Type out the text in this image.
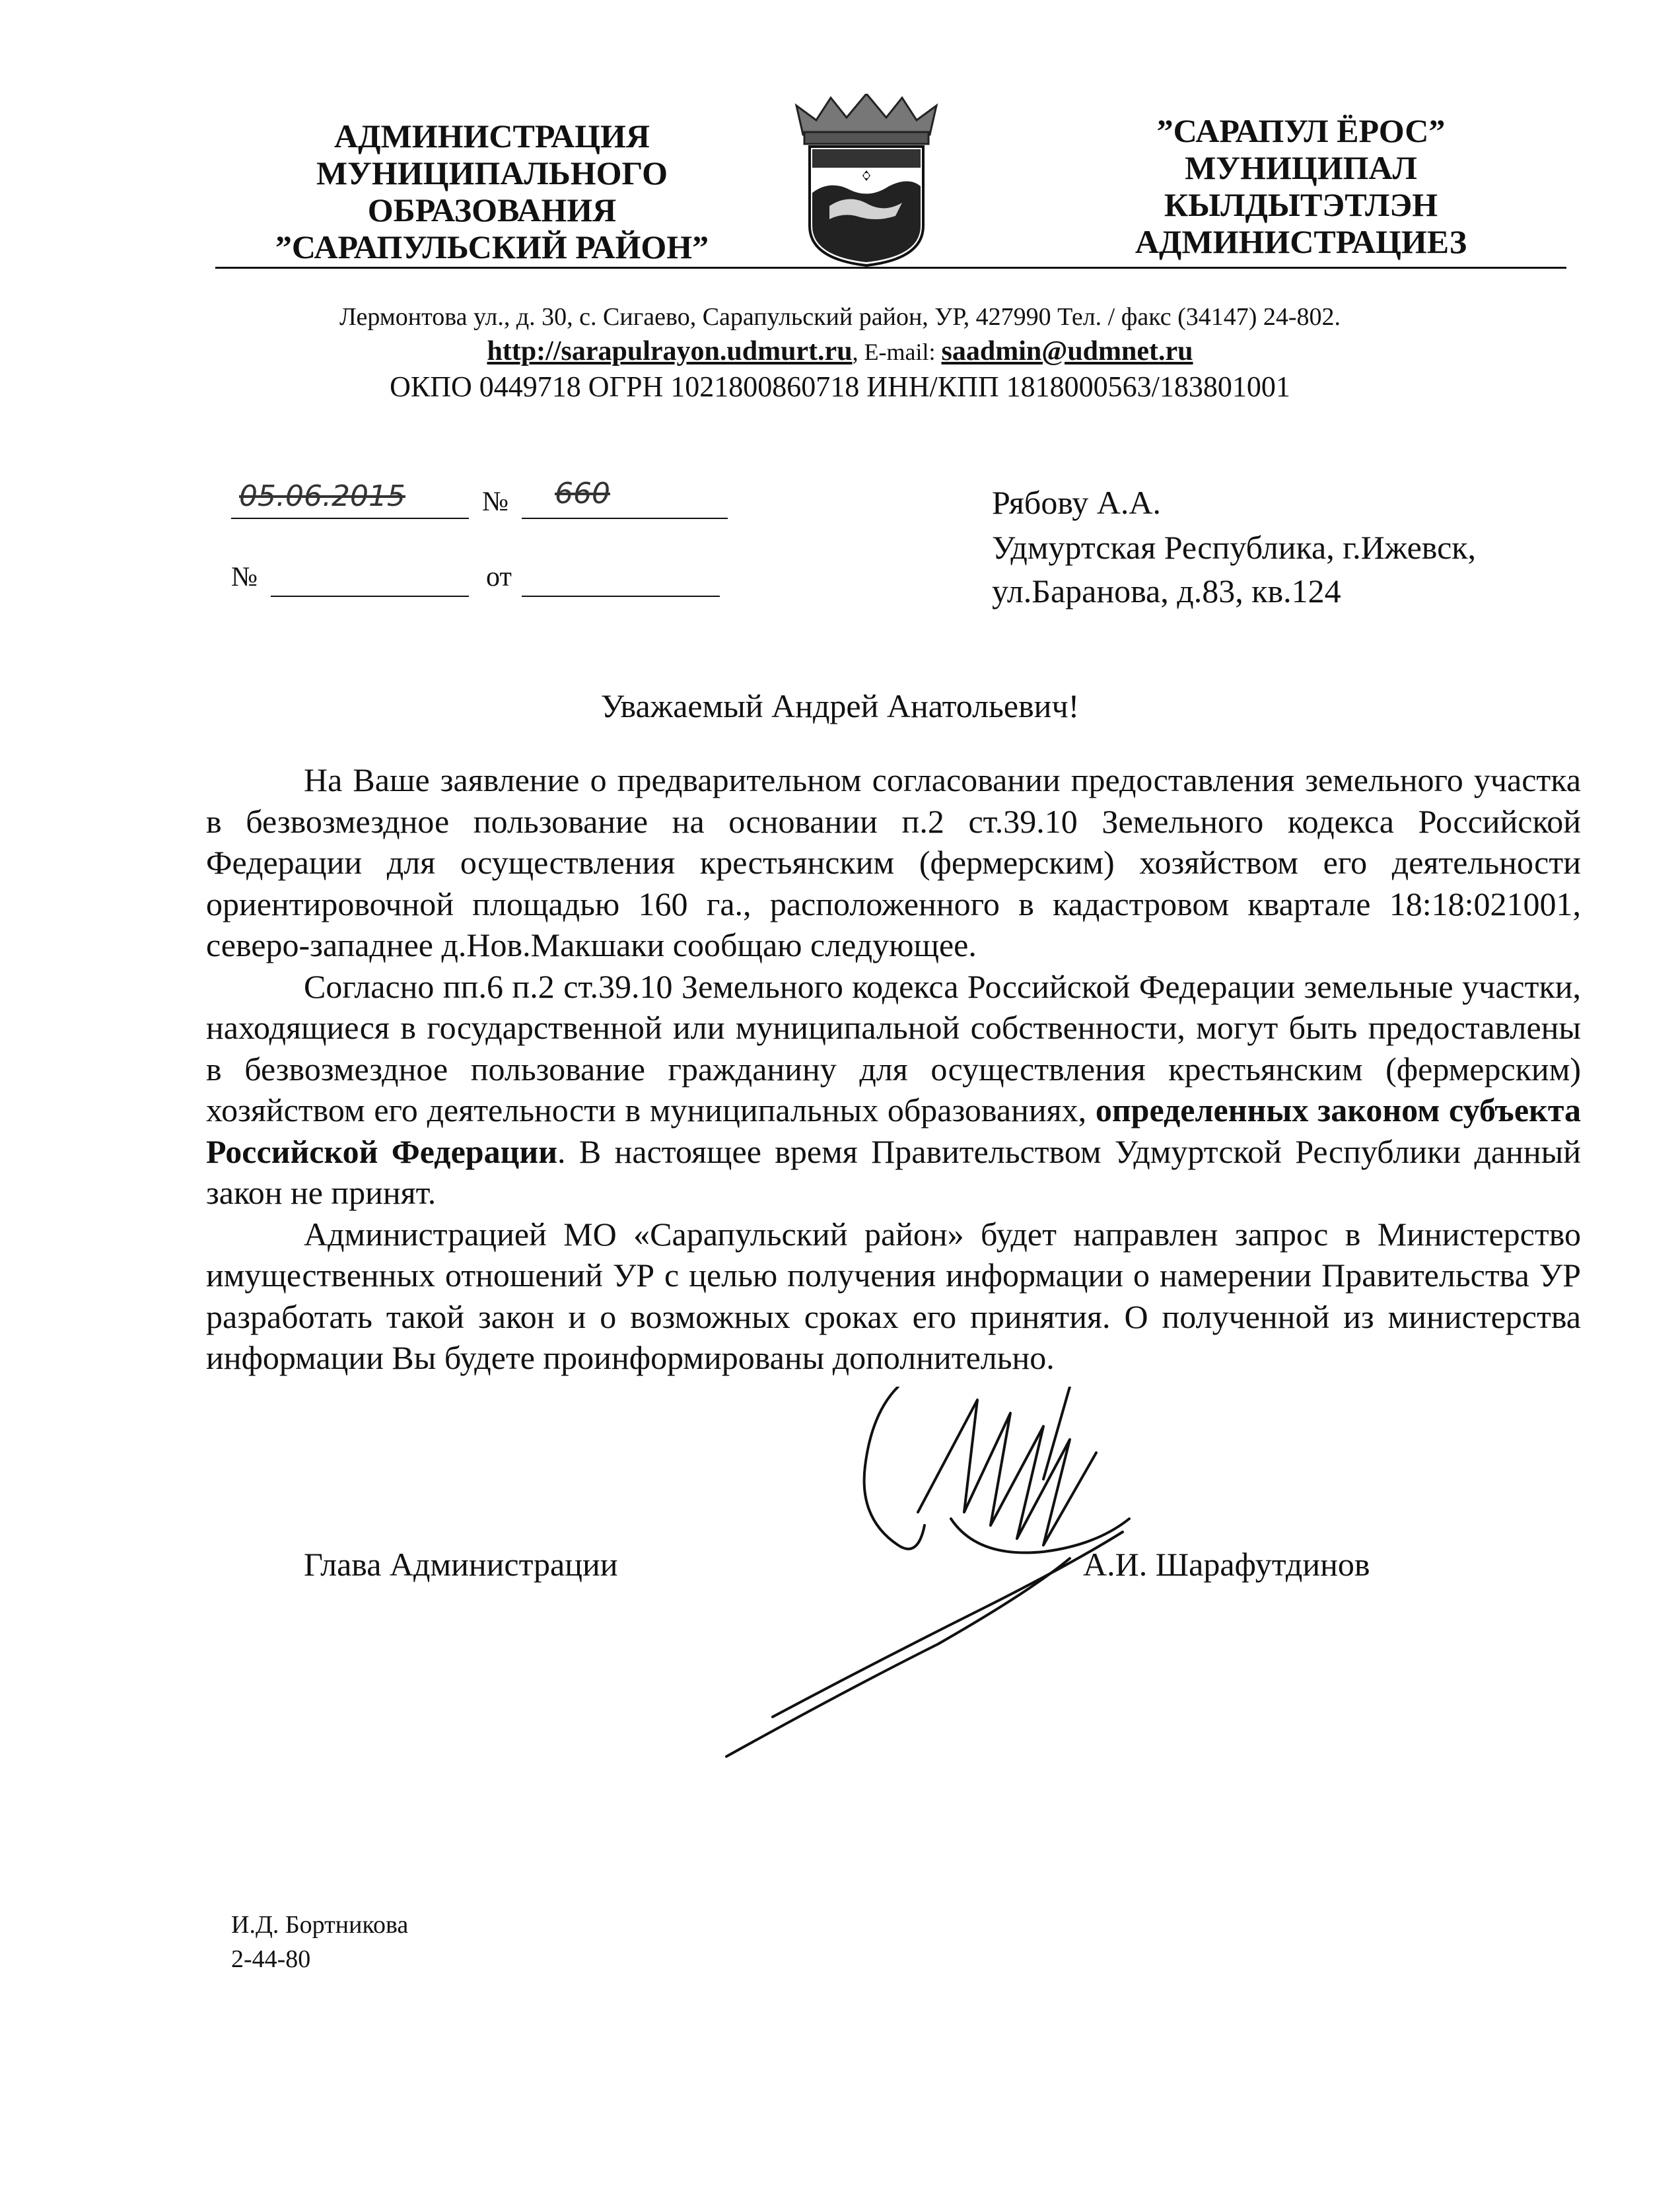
АДМИНИСТРАЦИЯ
МУНИЦИПАЛЬНОГО
ОБРАЗОВАНИЯ
”САРАПУЛЬСКИЙ РАЙОН”
”САРАПУЛ ЁРОС”
МУНИЦИПАЛ
КЫЛДЫТЭТЛЭН
АДМИНИСТРАЦИЕЗ
Лермонтова ул., д. 30, с. Сигаево, Сарапульский район, УР, 427990 Тел. / факс (34147) 24-802.
http://sarapulrayon.udmurt.ru, E-mail: saadmin@udmnet.ru
ОКПО 0449718 ОГРН 1021800860718 ИНН/КПП 1818000563/183801001
05.06.2015	№ 660
№	от
Рябову А.А.
Удмуртская Республика, г.Ижевск,
ул.Баранова, д.83, кв.124
Уважаемый Андрей Анатольевич!

На Ваше заявление о предварительном согласовании предоставления земельного участка в безвозмездное пользование на основании п.2 ст.39.10 Земельного кодекса Российской Федерации для осуществления крестьянским (фермерским) хозяйством его деятельности ориентировочной площадью 160 га., расположенного в кадастровом квартале 18:18:021001, северо-западнее д.Нов.Макшаки сообщаю следующее.

Согласно пп.6 п.2 ст.39.10 Земельного кодекса Российской Федерации земельные участки, находящиеся в государственной или муниципальной собственности, могут быть предоставлены в безвозмездное пользование гражданину для осуществления крестьянским (фермерским) хозяйством его деятельности в муниципальных образованиях, определенных законом субъекта Российской Федерации. В настоящее время Правительством Удмуртской Республики данный закон не принят.

Администрацией МО «Сарапульский район» будет направлен запрос в Министерство имущественных отношений УР с целью получения информации о намерении Правительства УР разработать такой закон и о возможных сроках его принятия. О полученной из министерства информации Вы будете проинформированы дополнительно.

Глава Администрации	А.И. Шарафутдинов
И.Д. Бортникова
2-44-80
